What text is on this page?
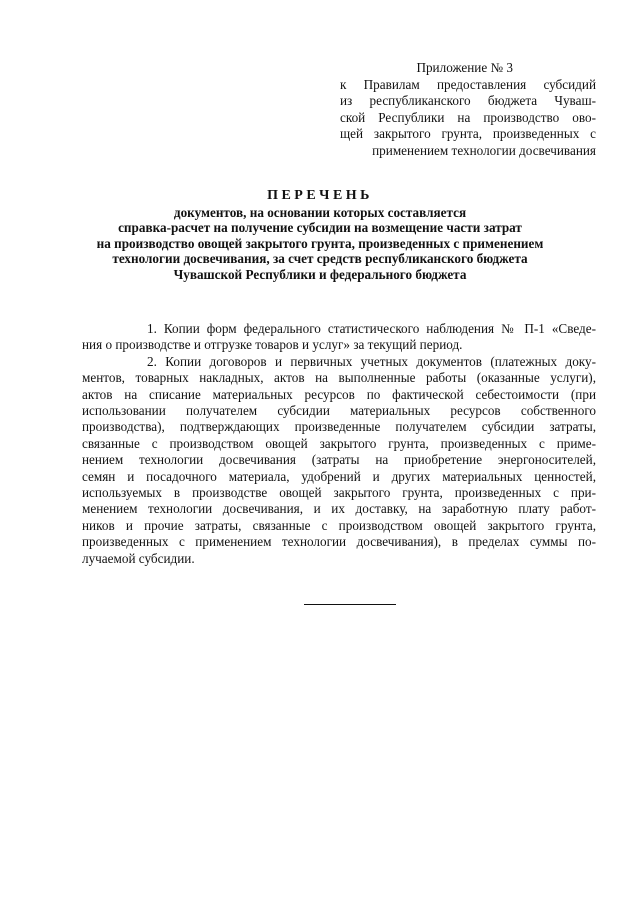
Приложение № 3
к Правилам предоставления субсидий
из республиканского бюджета Чуваш-
ской Республики на производство ово-
щей закрытого грунта, произведенных с
применением технологии досвечивания
ПЕРЕЧЕНЬ
документов, на основании которых составляется
справка-расчет на получение субсидии на возмещение части затрат
на производство овощей закрытого грунта, произведенных с применением
технологии досвечивания, за счет средств республиканского бюджета
Чувашской Республики и федерального бюджета
1. Копии форм федерального статистического наблюдения № П-1 «Сведе-
ния о производстве и отгрузке товаров и услуг» за текущий период.
2. Копии договоров и первичных учетных документов (платежных доку-
ментов, товарных накладных, актов на выполненные работы (оказанные услуги),
актов на списание материальных ресурсов по фактической себестоимости (при
использовании получателем субсидии материальных ресурсов собственного
производства), подтверждающих произведенные получателем субсидии затраты,
связанные с производством овощей закрытого грунта, произведенных с приме-
нением технологии досвечивания (затраты на приобретение энергоносителей,
семян и посадочного материала, удобрений и других материальных ценностей,
используемых в производстве овощей закрытого грунта, произведенных с при-
менением технологии досвечивания, и их доставку, на заработную плату работ-
ников и прочие затраты, связанные с производством овощей закрытого грунта,
произведенных с применением технологии досвечивания), в пределах суммы по-
лучаемой субсидии.
